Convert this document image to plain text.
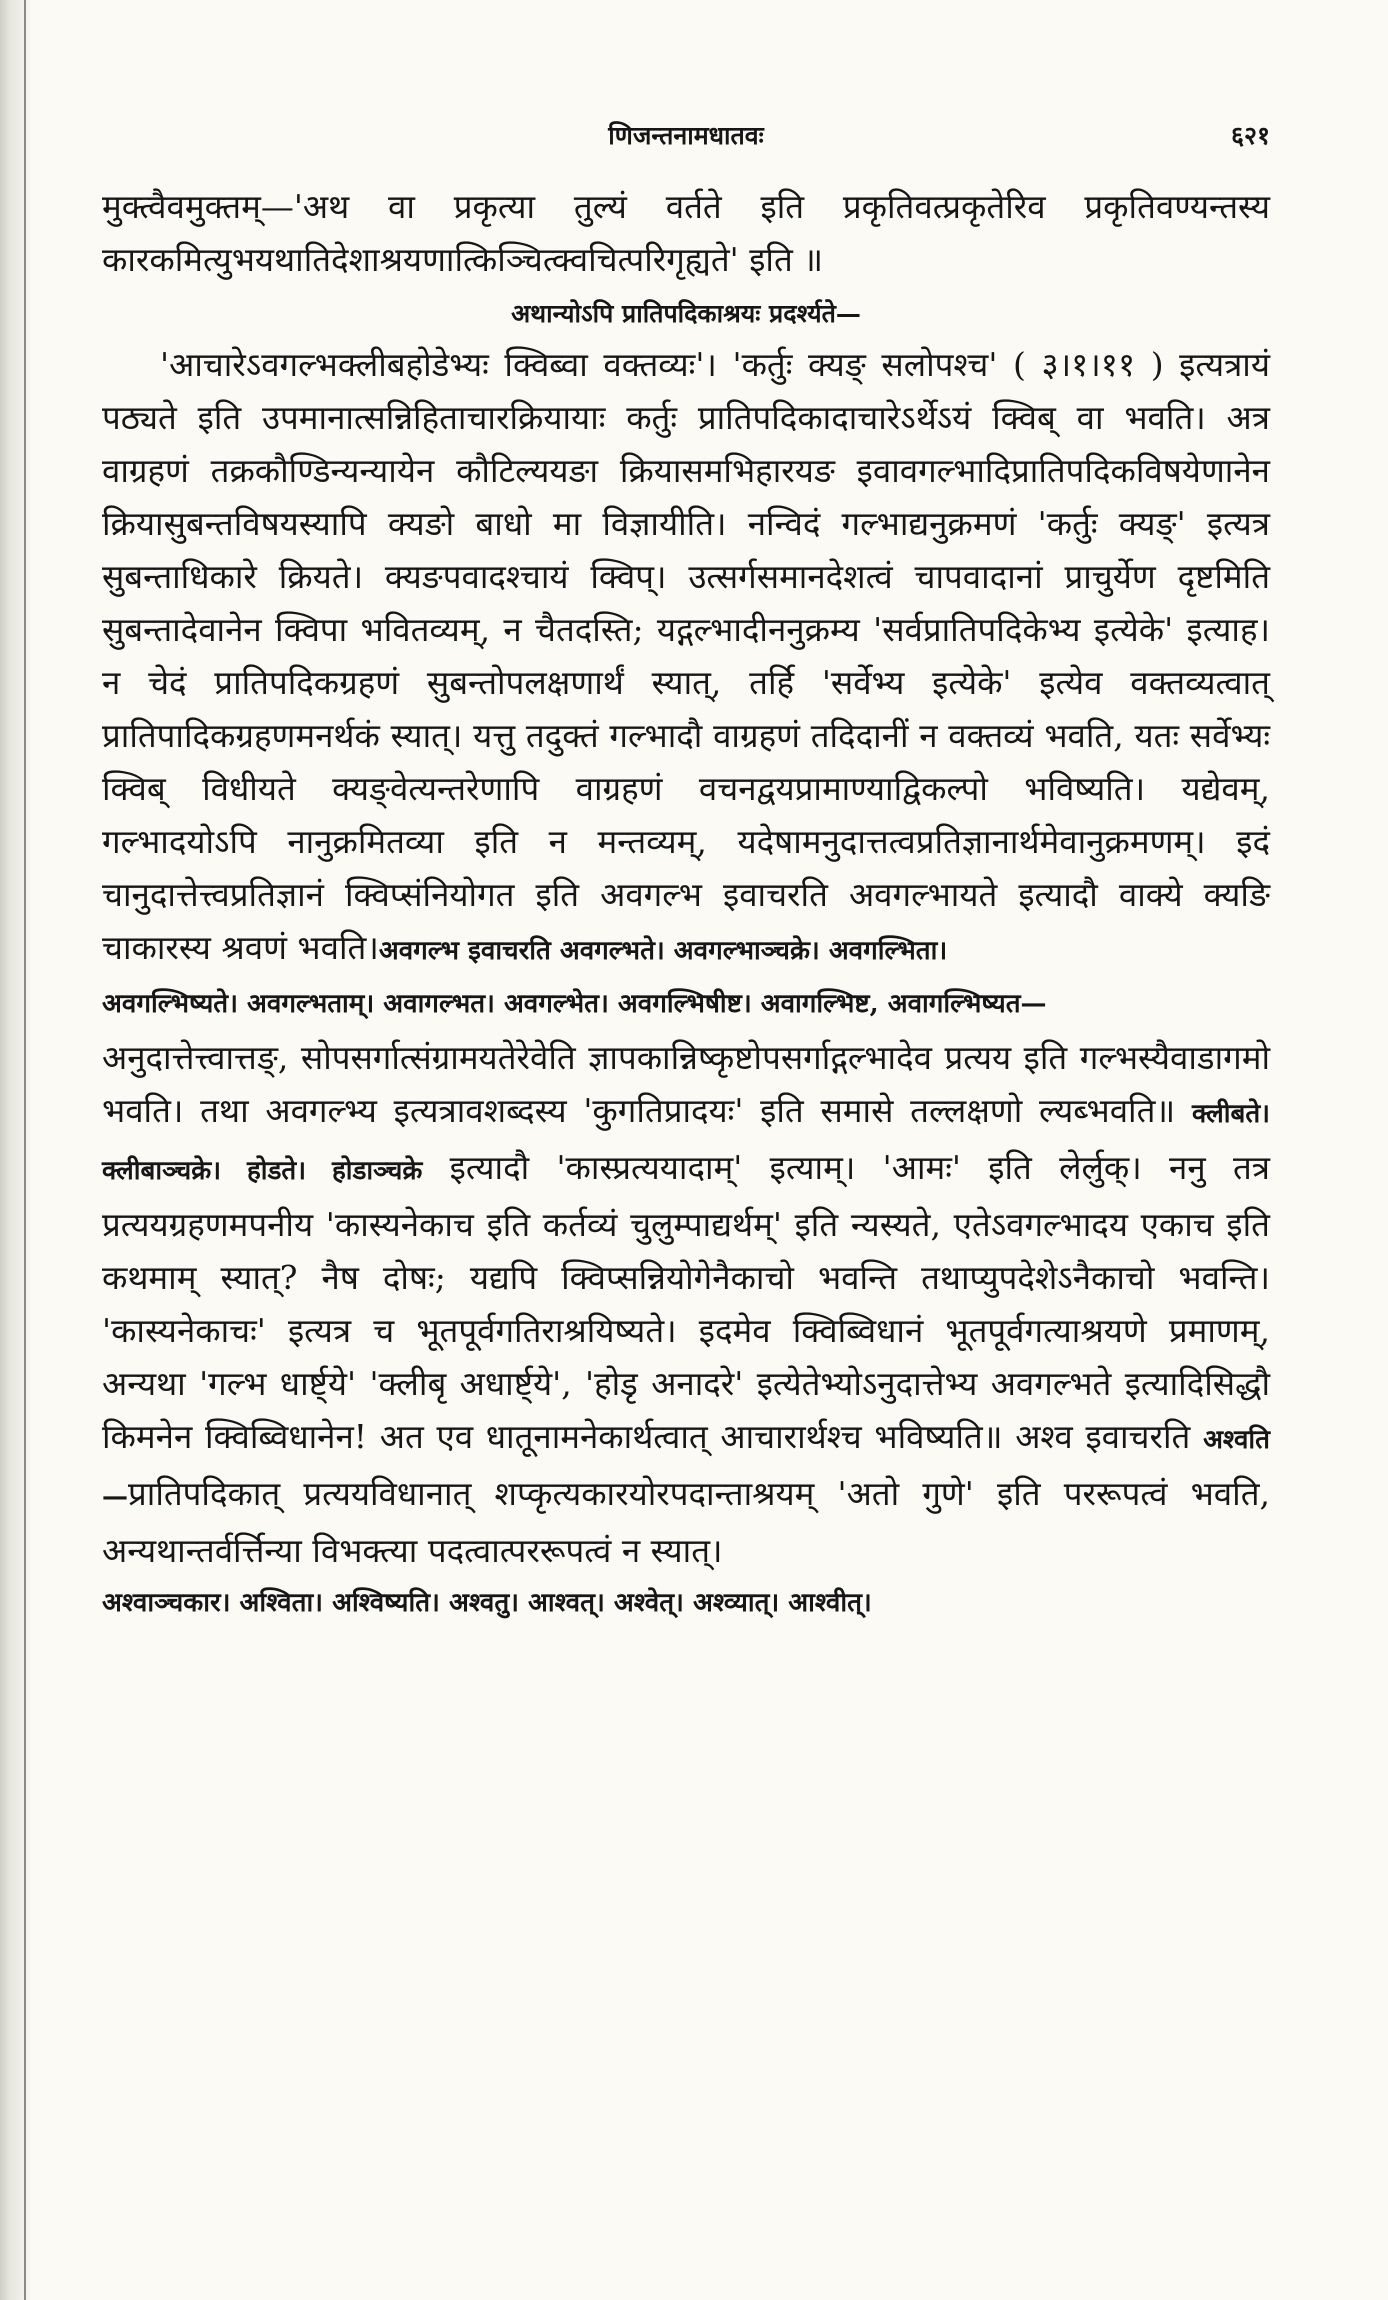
णिजन्तनामधातवः	६२१

मुक्त्वैवमुक्तम्—'अथ वा प्रकृत्या तुल्यं वर्तते इति प्रकृतिवत्प्रकृतेरिव प्रकृतिवण्यन्तस्य कारकमित्युभयथातिदेशाश्रयणात्किञ्चित्क्वचित्परिगृह्यते' इति ॥

अथान्योऽपि प्रातिपदिकाश्रयः प्रदर्श्यते—

'आचारेऽवगल्भक्लीबहोडेभ्यः क्विब्वा वक्तव्यः'। 'कर्तुः क्यङ् सलोपश्च' ( ३।१।११ ) इत्यत्रायं पठ्यते इति उपमानात्सन्निहिताचारक्रियायाः कर्तुः प्रातिपदिकादाचारेऽर्थेऽयं क्विब् वा भवति। अत्र वाग्रहणं तक्रकौण्डिन्यन्यायेन कौटिल्ययङा क्रियासमभिहारयङ इवावगल्भादिप्रातिपदिकविषयेणानेन क्रियासुबन्तविषयस्यापि क्यङो बाधो मा विज्ञायीति। नन्विदं गल्भाद्यनुक्रमणं 'कर्तुः क्यङ्' इत्यत्र सुबन्ताधिकारे क्रियते। क्यङपवादश्चायं क्विप्। उत्सर्गसमानदेशत्वं चापवादानां प्राचुर्येण दृष्टमिति सुबन्तादेवानेन क्विपा भवितव्यम्, न चैतदस्ति; यद्गल्भादीननुक्रम्य 'सर्वप्रातिपदिकेभ्य इत्येके' इत्याह। न चेदं प्रातिपदिकग्रहणं सुबन्तोपलक्षणार्थं स्यात्, तर्हि 'सर्वेभ्य इत्येके' इत्येव वक्तव्यत्वात् प्रातिपादिकग्रहणमनर्थकं स्यात्। यत्तु तदुक्तं गल्भादौ वाग्रहणं तदिदानीं न वक्तव्यं भवति, यतः सर्वेभ्यः क्विब् विधीयते क्यङ्वेत्यन्तरेणापि वाग्रहणं वचनद्वयप्रामाण्याद्विकल्पो भविष्यति। यद्येवम्, गल्भादयोऽपि नानुक्रमितव्या इति न मन्तव्यम्, यदेषामनुदात्तत्वप्रतिज्ञानार्थमेवानुक्रमणम्। इदं चानुदात्तेत्त्वप्रतिज्ञानं क्विप्संनियोगत इति अवगल्भ इवाचरति अवगल्भायते इत्यादौ वाक्ये क्यङि चाकारस्य श्रवणं भवति।अवगल्भ इवाचरति अवगल्भते। अवगल्भाञ्चक्रे। अवगल्भिता।

अवगल्भिष्यते। अवगल्भताम्। अवागल्भत। अवगल्भेत। अवगल्भिषीष्ट। अवागल्भिष्ट, अवागल्भिष्यत—

अनुदात्तेत्त्वात्तङ्, सोपसर्गात्संग्रामयतेरेवेति ज्ञापकान्निष्कृष्टोपसर्गाद्गल्भादेव प्रत्यय इति गल्भस्यैवाडागमो भवति। तथा अवगल्भ्य इत्यत्रावशब्दस्य 'कुगतिप्रादयः' इति समासे तल्लक्षणो ल्यब्भवति॥ क्लीबते। क्लीबाञ्चक्रे। होडते। होडाञ्चक्रे इत्यादौ 'कास्प्रत्ययादाम्' इत्याम्। 'आमः' इति लेर्लुक्। ननु तत्र प्रत्ययग्रहणमपनीय 'कास्यनेकाच इति कर्तव्यं चुलुम्पाद्यर्थम्' इति न्यस्यते, एतेऽवगल्भादय एकाच इति कथमाम् स्यात्? नैष दोषः; यद्यपि क्विप्सन्नियोगेनैकाचो भवन्ति तथाप्युपदेशेऽनैकाचो भवन्ति। 'कास्यनेकाचः' इत्यत्र च भूतपूर्वगतिराश्रयिष्यते। इदमेव क्विब्विधानं भूतपूर्वगत्याश्रयणे प्रमाणम्, अन्यथा 'गल्भ धार्ष्ट्ये' 'क्लीबृ अधार्ष्ट्ये', 'होडृ अनादरे' इत्येतेभ्योऽनुदात्तेभ्य अवगल्भते इत्यादिसिद्धौ किमनेन क्विब्विधानेन! अत एव धातूनामनेकार्थत्वात् आचारार्थश्च भविष्यति॥ अश्व इवाचरति अश्वति—प्रातिपदिकात् प्रत्ययविधानात् शप्कृत्यकारयोरपदान्ताश्रयम् 'अतो गुणे' इति पररूपत्वं भवति, अन्यथान्तर्वर्त्तिन्या विभक्त्या पदत्वात्पररूपत्वं न स्यात्।

अश्वाञ्चकार। अश्विता। अश्विष्यति। अश्वतु। आश्वत्। अश्वेत्। अश्व्यात्। आश्वीत्।
